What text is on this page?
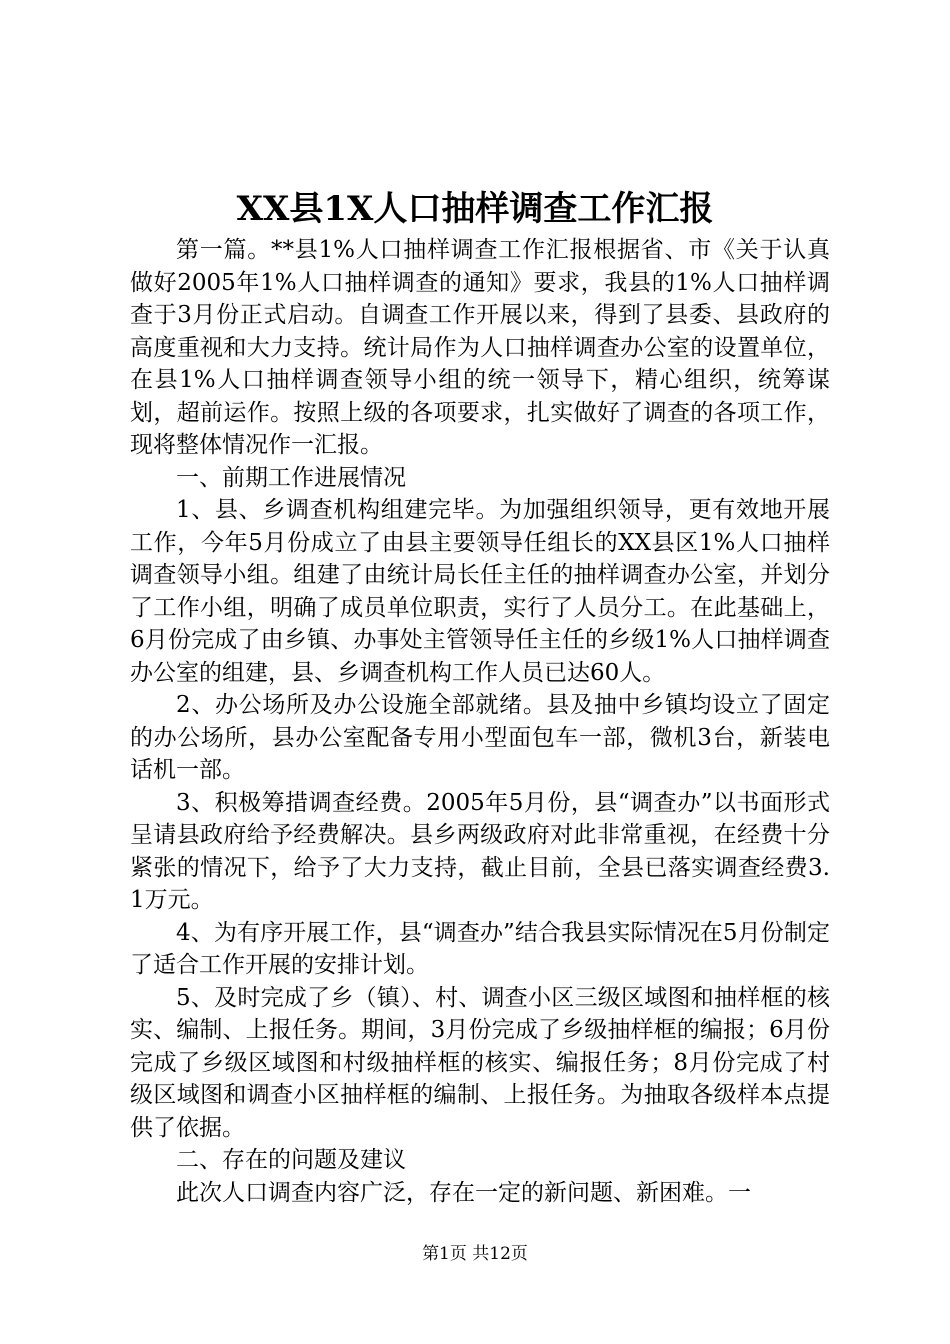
XX县1X人口抽样调查工作汇报

第一篇。**县1%人口抽样调查工作汇报根据省、市《关于认真做好2005年1%人口抽样调查的通知》要求，我县的1%人口抽样调查于3月份正式启动。自调查工作开展以来，得到了县委、县政府的高度重视和大力支持。统计局作为人口抽样调查办公室的设置单位，在县1%人口抽样调查领导小组的统一领导下，精心组织，统筹谋划，超前运作。按照上级的各项要求，扎实做好了调查的各项工作，现将整体情况作一汇报。

一、前期工作进展情况

1、县、乡调查机构组建完毕。为加强组织领导，更有效地开展工作，今年5月份成立了由县主要领导任组长的XX县区1%人口抽样调查领导小组。组建了由统计局长任主任的抽样调查办公室，并划分了工作小组，明确了成员单位职责，实行了人员分工。在此基础上，6月份完成了由乡镇、办事处主管领导任主任的乡级1%人口抽样调查办公室的组建，县、乡调查机构工作人员已达60人。

2、办公场所及办公设施全部就绪。县及抽中乡镇均设立了固定的办公场所，县办公室配备专用小型面包车一部，微机3台，新装电话机一部。

3、积极筹措调查经费。2005年5月份，县“调查办”以书面形式呈请县政府给予经费解决。县乡两级政府对此非常重视，在经费十分紧张的情况下，给予了大力支持，截止目前，全县已落实调查经费3.1万元。

4、为有序开展工作，县“调查办”结合我县实际情况在5月份制定了适合工作开展的安排计划。

5、及时完成了乡（镇）、村、调查小区三级区域图和抽样框的核实、编制、上报任务。期间，3月份完成了乡级抽样框的编报；6月份完成了乡级区域图和村级抽样框的核实、编报任务；8月份完成了村级区域图和调查小区抽样框的编制、上报任务。为抽取各级样本点提供了依据。

二、存在的问题及建议

此次人口调查内容广泛，存在一定的新问题、新困难。一

第1页 共12页
